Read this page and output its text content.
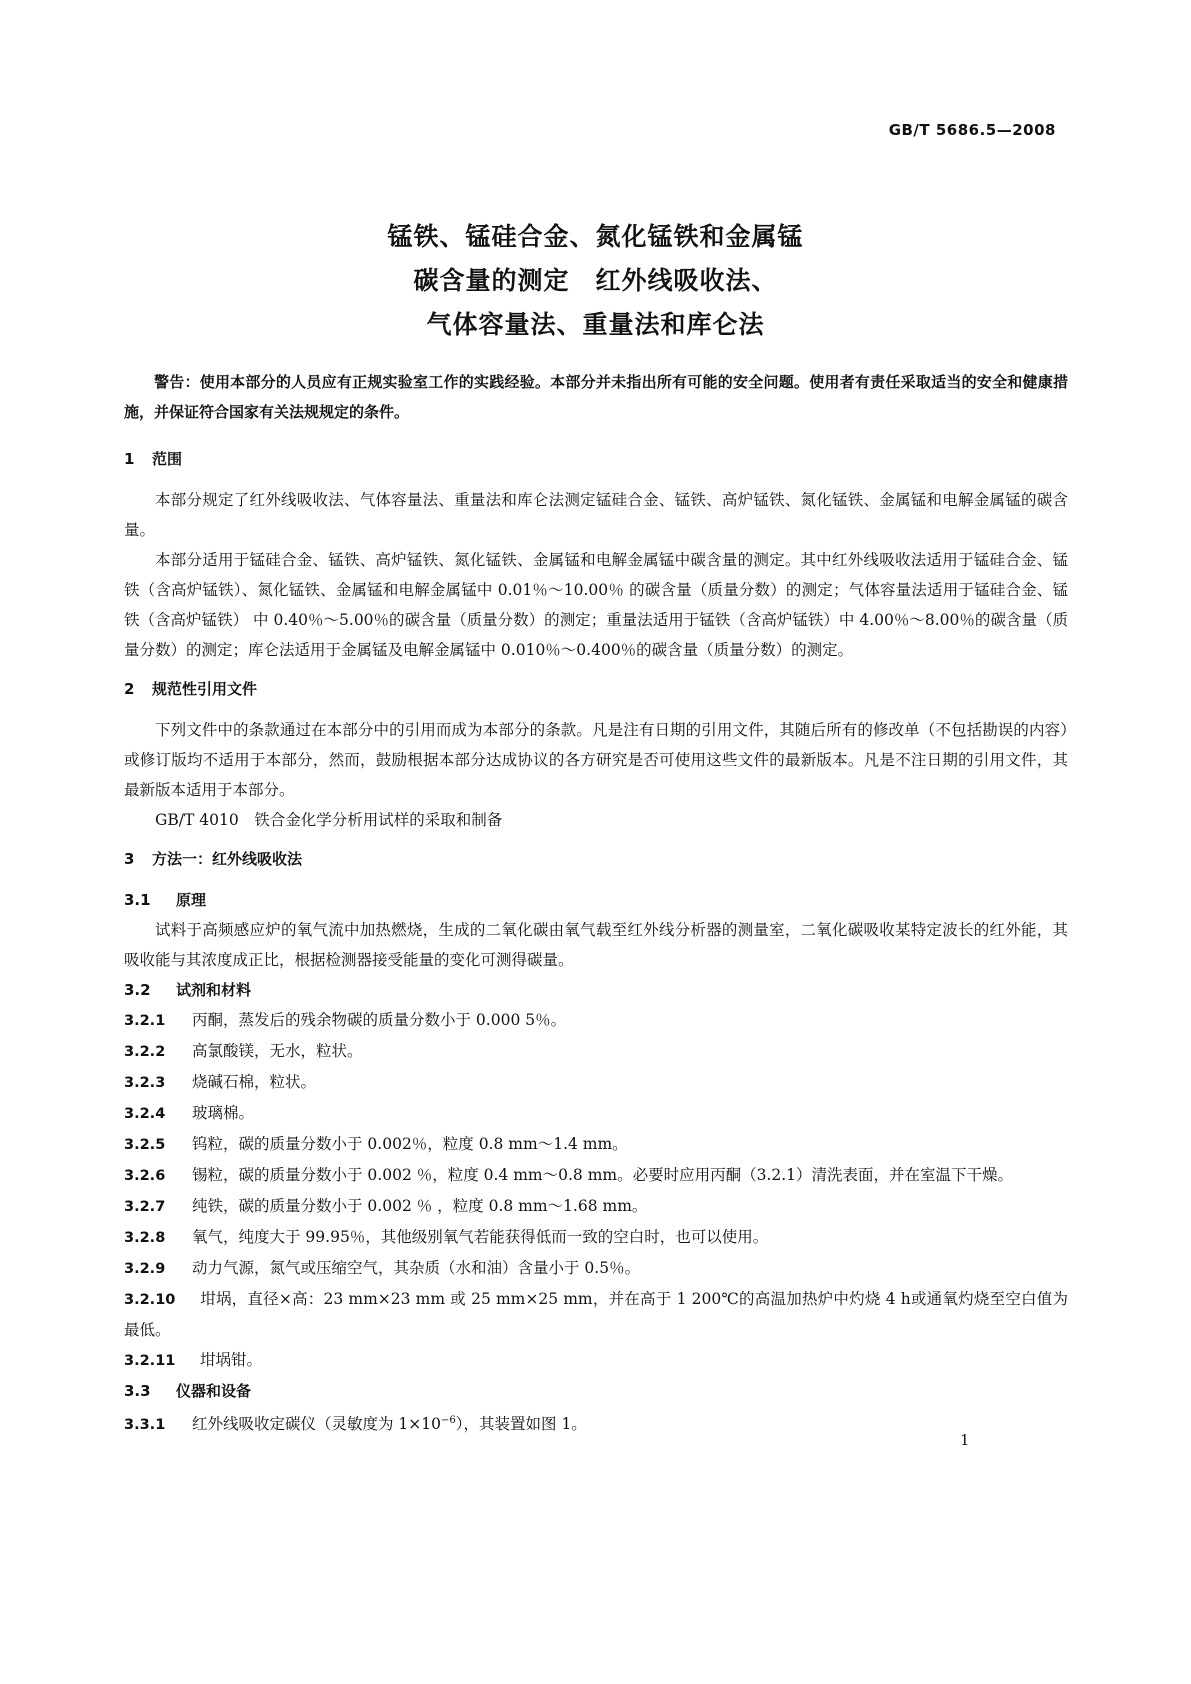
GB/T 5686.5—2008
锰铁、锰硅合金、氮化锰铁和金属锰
碳含量的测定　红外线吸收法、
气体容量法、重量法和库仑法

警告：使用本部分的人员应有正规实验室工作的实践经验。本部分并未指出所有可能的安全问题。使用者有责任采取适当的安全和健康措施，并保证符合国家有关法规规定的条件。

1 范围

本部分规定了红外线吸收法、气体容量法、重量法和库仑法测定锰硅合金、锰铁、高炉锰铁、氮化锰铁、金属锰和电解金属锰的碳含量。

本部分适用于锰硅合金、锰铁、高炉锰铁、氮化锰铁、金属锰和电解金属锰中碳含量的测定。其中红外线吸收法适用于锰硅合金、锰铁（含高炉锰铁）、氮化锰铁、金属锰和电解金属锰中 0.01％～10.00％ 的碳含量（质量分数）的测定；气体容量法适用于锰硅合金、锰铁（含高炉锰铁） 中 0.40％～5.00％的碳含量（质量分数）的测定；重量法适用于锰铁（含高炉锰铁）中 4.00％～8.00％的碳含量（质量分数）的测定；库仑法适用于金属锰及电解金属锰中 0.010％～0.400％的碳含量（质量分数）的测定。

2 规范性引用文件

下列文件中的条款通过在本部分中的引用而成为本部分的条款。凡是注有日期的引用文件，其随后所有的修改单（不包括勘误的内容）或修订版均不适用于本部分，然而，鼓励根据本部分达成协议的各方研究是否可使用这些文件的最新版本。凡是不注日期的引用文件，其最新版本适用于本部分。

GB/T 4010　铁合金化学分析用试样的采取和制备

3 方法一：红外线吸收法
3.1 原理

试料于高频感应炉的氧气流中加热燃烧，生成的二氧化碳由氧气载至红外线分析器的测量室，二氧化碳吸收某特定波长的红外能，其吸收能与其浓度成正比，根据检测器接受能量的变化可测得碳量。

3.2 试剂和材料

3.2.1 丙酮，蒸发后的残余物碳的质量分数小于 0.000 5％。

3.2.2 高氯酸镁，无水，粒状。

3.2.3 烧碱石棉，粒状。

3.2.4 玻璃棉。

3.2.5 钨粒，碳的质量分数小于 0.002％，粒度 0.8 mm～1.4 mm。

3.2.6 锡粒，碳的质量分数小于 0.002 ％，粒度 0.4 mm～0.8 mm。必要时应用丙酮（3.2.1）清洗表面，并在室温下干燥。

3.2.7 纯铁，碳的质量分数小于 0.002 ％ ，粒度 0.8 mm～1.68 mm。

3.2.8 氧气，纯度大于 99.95％，其他级别氧气若能获得低而一致的空白时，也可以使用。

3.2.9 动力气源，氮气或压缩空气，其杂质（水和油）含量小于 0.5％。

3.2.10 坩埚，直径×高：23 mm×23 mm 或 25 mm×25 mm，并在高于 1 200℃的高温加热炉中灼烧 4 h或通氧灼烧至空白值为最低。

3.2.11 坩埚钳。

3.3 仪器和设备

3.3.1 红外线吸收定碳仪（灵敏度为 $1\times 10^{-6}$），其装置如图 1。

1
